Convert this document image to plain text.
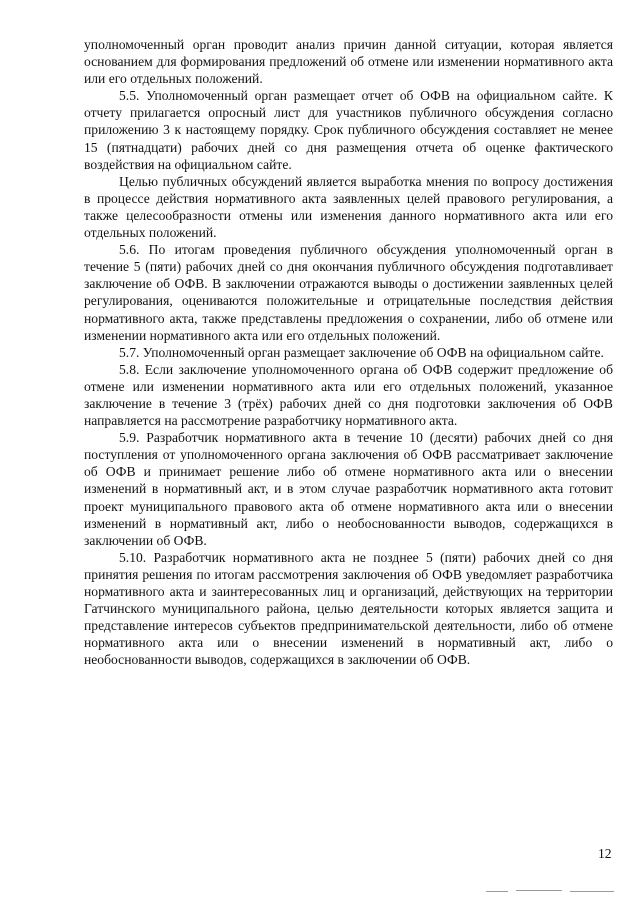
уполномоченный орган проводит анализ причин данной ситуации, которая является основанием для формирования предложений об отмене или изменении нормативного акта или его отдельных положений.

5.5. Уполномоченный орган размещает отчет об ОФВ на официальном сайте. К отчету прилагается опросный лист для участников публичного обсуждения согласно приложению 3 к настоящему порядку. Срок публичного обсуждения составляет не менее 15 (пятнадцати) рабочих дней со дня размещения отчета об оценке фактического воздействия на официальном сайте.

Целью публичных обсуждений является выработка мнения по вопросу достижения в процессе действия нормативного акта заявленных целей правового регулирования, а также целесообразности отмены или изменения данного нормативного акта или его отдельных положений.

5.6. По итогам проведения публичного обсуждения уполномоченный орган в течение 5 (пяти) рабочих дней со дня окончания публичного обсуждения подготавливает заключение об ОФВ. В заключении отражаются выводы о достижении заявленных целей регулирования, оцениваются положительные и отрицательные последствия действия нормативного акта, также представлены предложения о сохранении, либо об отмене или изменении нормативного акта или его отдельных положений.

5.7. Уполномоченный орган размещает заключение об ОФВ на официальном сайте.

5.8. Если заключение уполномоченного органа об ОФВ содержит предложение об отмене или изменении нормативного акта или его отдельных положений, указанное заключение в течение 3 (трёх) рабочих дней со дня подготовки заключения об ОФВ направляется на рассмотрение разработчику нормативного акта.

5.9. Разработчик нормативного акта в течение 10 (десяти) рабочих дней со дня поступления от уполномоченного органа заключения об ОФВ рассматривает заключение об ОФВ и принимает решение либо об отмене нормативного акта или о внесении изменений в нормативный акт, и в этом случае разработчик нормативного акта готовит проект муниципального правового акта об отмене нормативного акта или о внесении изменений в нормативный акт, либо о необоснованности выводов, содержащихся в заключении об ОФВ.

5.10. Разработчик нормативного акта не позднее 5 (пяти) рабочих дней со дня принятия решения по итогам рассмотрения заключения об ОФВ уведомляет разработчика нормативного акта и заинтересованных лиц и организаций, действующих на территории Гатчинского муниципального района, целью деятельности которых является защита и представление интересов субъектов предпринимательской деятельности, либо об отмене нормативного акта или о внесении изменений в нормативный акт, либо о необоснованности выводов, содержащихся в заключении об ОФВ.

12
